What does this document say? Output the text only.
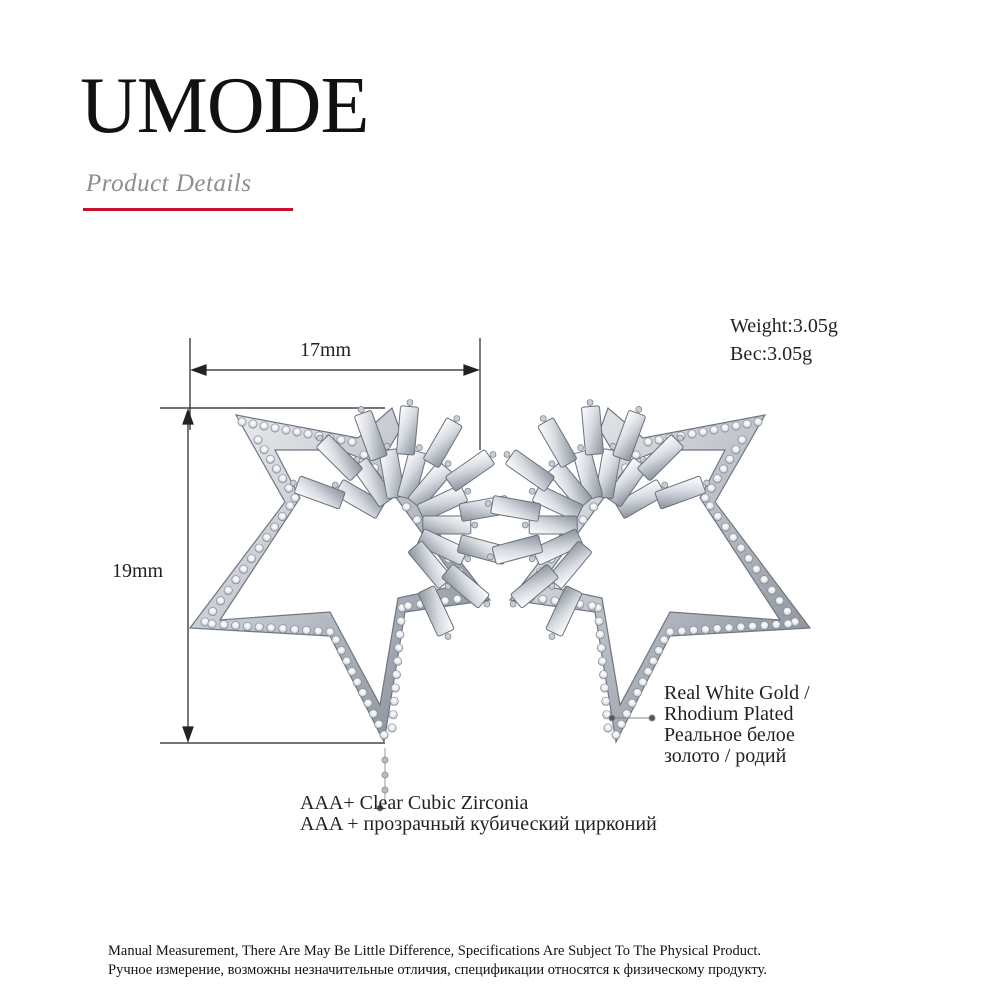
UMODE
Product Details
Weight:3.05g
Вес:3.05g
17mm
19mm
Real White Gold /
Rhodium Plated
Реальное белое
золото / родий
AAA+ Clear Cubic Zirconia
AAA + прозрачный кубический цирконий
Manual Measurement, There Are May Be Little Difference, Specifications Are Subject To The Physical Product.
Ручное измерение, возможны незначительные отличия, спецификации относятся к физическому продукту.
